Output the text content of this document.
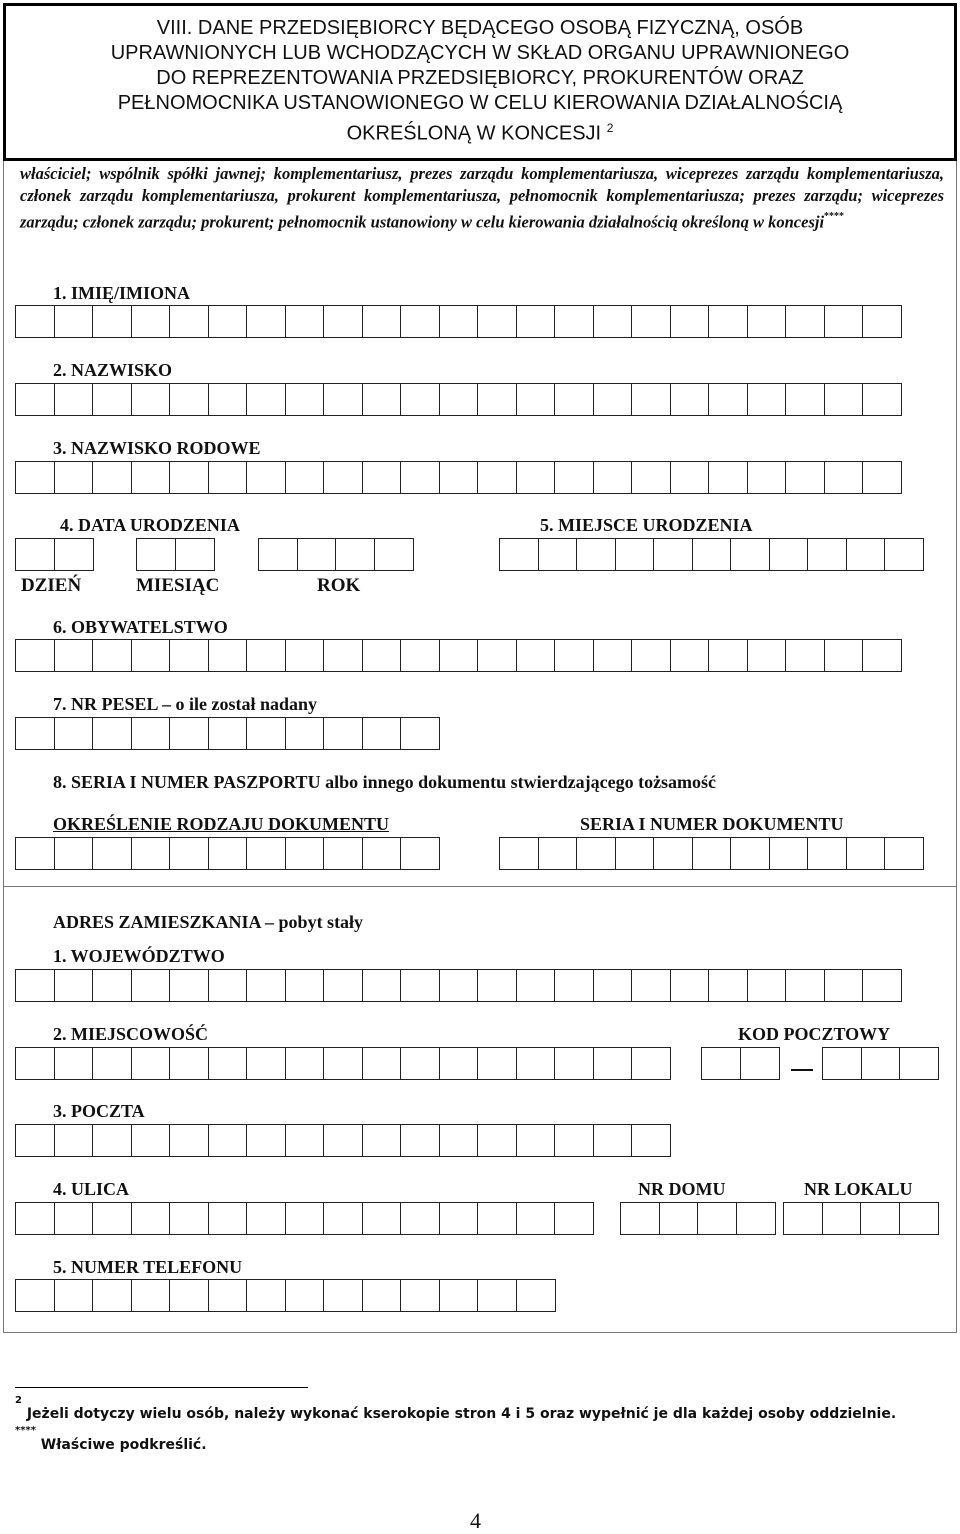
VIII. DANE PRZEDSIĘBIORCY BĘDĄCEGO OSOBĄ FIZYCZNĄ, OSÓB
UPRAWNIONYCH LUB WCHODZĄCYCH W SKŁAD ORGANU UPRAWNIONEGO
DO REPREZENTOWANIA PRZEDSIĘBIORCY, PROKURENTÓW ORAZ
PEŁNOMOCNIKA USTANOWIONEGO W CELU KIEROWANIA DZIAŁALNOŚCIĄ
OKREŚLONĄ W KONCESJI $^2$
właściciel; wspólnik spółki jawnej; komplementariusz, prezes zarządu komplementariusza, wiceprezes zarządu komplementariusza, członek zarządu komplementariusza, prokurent komplementariusza, pełnomocnik komplementariusza; prezes zarządu; wiceprezes zarządu; członek zarządu; prokurent; pełnomocnik ustanowiony w celu kierowania działalnością określoną w koncesji****
1. IMIĘ/IMIONA
2. NAZWISKO
3. NAZWISKO RODOWE
4. DATA URODZENIA	5. MIEJSCE URODZENIA
DZIEŃ	MIESIĄC	ROK
6. OBYWATELSTWO
7. NR PESEL – o ile został nadany
8. SERIA I NUMER PASZPORTU albo innego dokumentu stwierdzającego tożsamość
OKREŚLENIE RODZAJU DOKUMENTU	SERIA I NUMER DOKUMENTU
ADRES ZAMIESZKANIA – pobyt stały
1. WOJEWÓDZTWO
2. MIEJSCOWOŚĆ	KOD POCZTOWY
3. POCZTA
4. ULICA	NR DOMU	NR LOKALU
5. NUMER TELEFONU
$^2$ Jeżeli dotyczy wielu osób, należy wykonać kserokopie stron 4 i 5 oraz wypełnić je dla każdej osoby oddzielnie.
**** Właściwe podkreślić.
4
